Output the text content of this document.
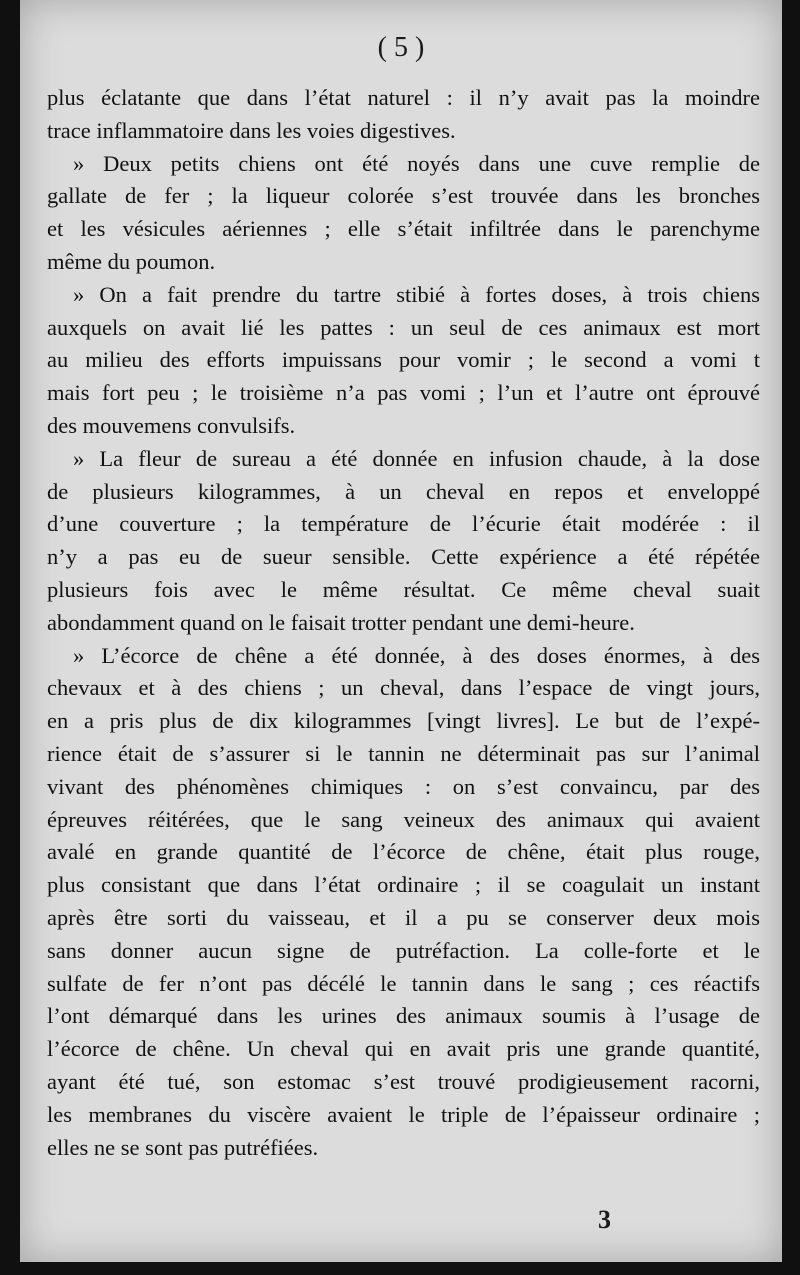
( 5 )
plus éclatante que dans l’état naturel : il n’y avait pas la moindre
trace inflammatoire dans les voies digestives.
» Deux petits chiens ont été noyés dans une cuve remplie de
gallate de fer ; la liqueur colorée s’est trouvée dans les bronches
et les vésicules aériennes ; elle s’était infiltrée dans le parenchyme
même du poumon.
» On a fait prendre du tartre stibié à fortes doses, à trois chiens
auxquels on avait lié les pattes : un seul de ces animaux est mort
au milieu des efforts impuissans pour vomir ; le second a vomi t
mais fort peu ; le troisième n’a pas vomi ; l’un et l’autre ont éprouvé
des mouvemens convulsifs.
» La fleur de sureau a été donnée en infusion chaude, à la dose
de plusieurs kilogrammes, à un cheval en repos et enveloppé
d’une couverture ; la température de l’écurie était modérée : il
n’y a pas eu de sueur sensible. Cette expérience a été répétée
plusieurs fois avec le même résultat. Ce même cheval suait
abondamment quand on le faisait trotter pendant une demi-heure.
» L’écorce de chêne a été donnée, à des doses énormes, à des
chevaux et à des chiens ; un cheval, dans l’espace de vingt jours,
en a pris plus de dix kilogrammes [vingt livres]. Le but de l’expé-
rience était de s’assurer si le tannin ne déterminait pas sur l’animal
vivant des phénomènes chimiques : on s’est convaincu, par des
épreuves réitérées, que le sang veineux des animaux qui avaient
avalé en grande quantité de l’écorce de chêne, était plus rouge,
plus consistant que dans l’état ordinaire ; il se coagulait un instant
après être sorti du vaisseau, et il a pu se conserver deux mois
sans donner aucun signe de putréfaction. La colle-forte et le
sulfate de fer n’ont pas décélé le tannin dans le sang ; ces réactifs
l’ont démarqué dans les urines des animaux soumis à l’usage de
l’écorce de chêne. Un cheval qui en avait pris une grande quantité,
ayant été tué, son estomac s’est trouvé prodigieusement racorni,
les membranes du viscère avaient le triple de l’épaisseur ordinaire ;
elles ne se sont pas putréfiées.
3
